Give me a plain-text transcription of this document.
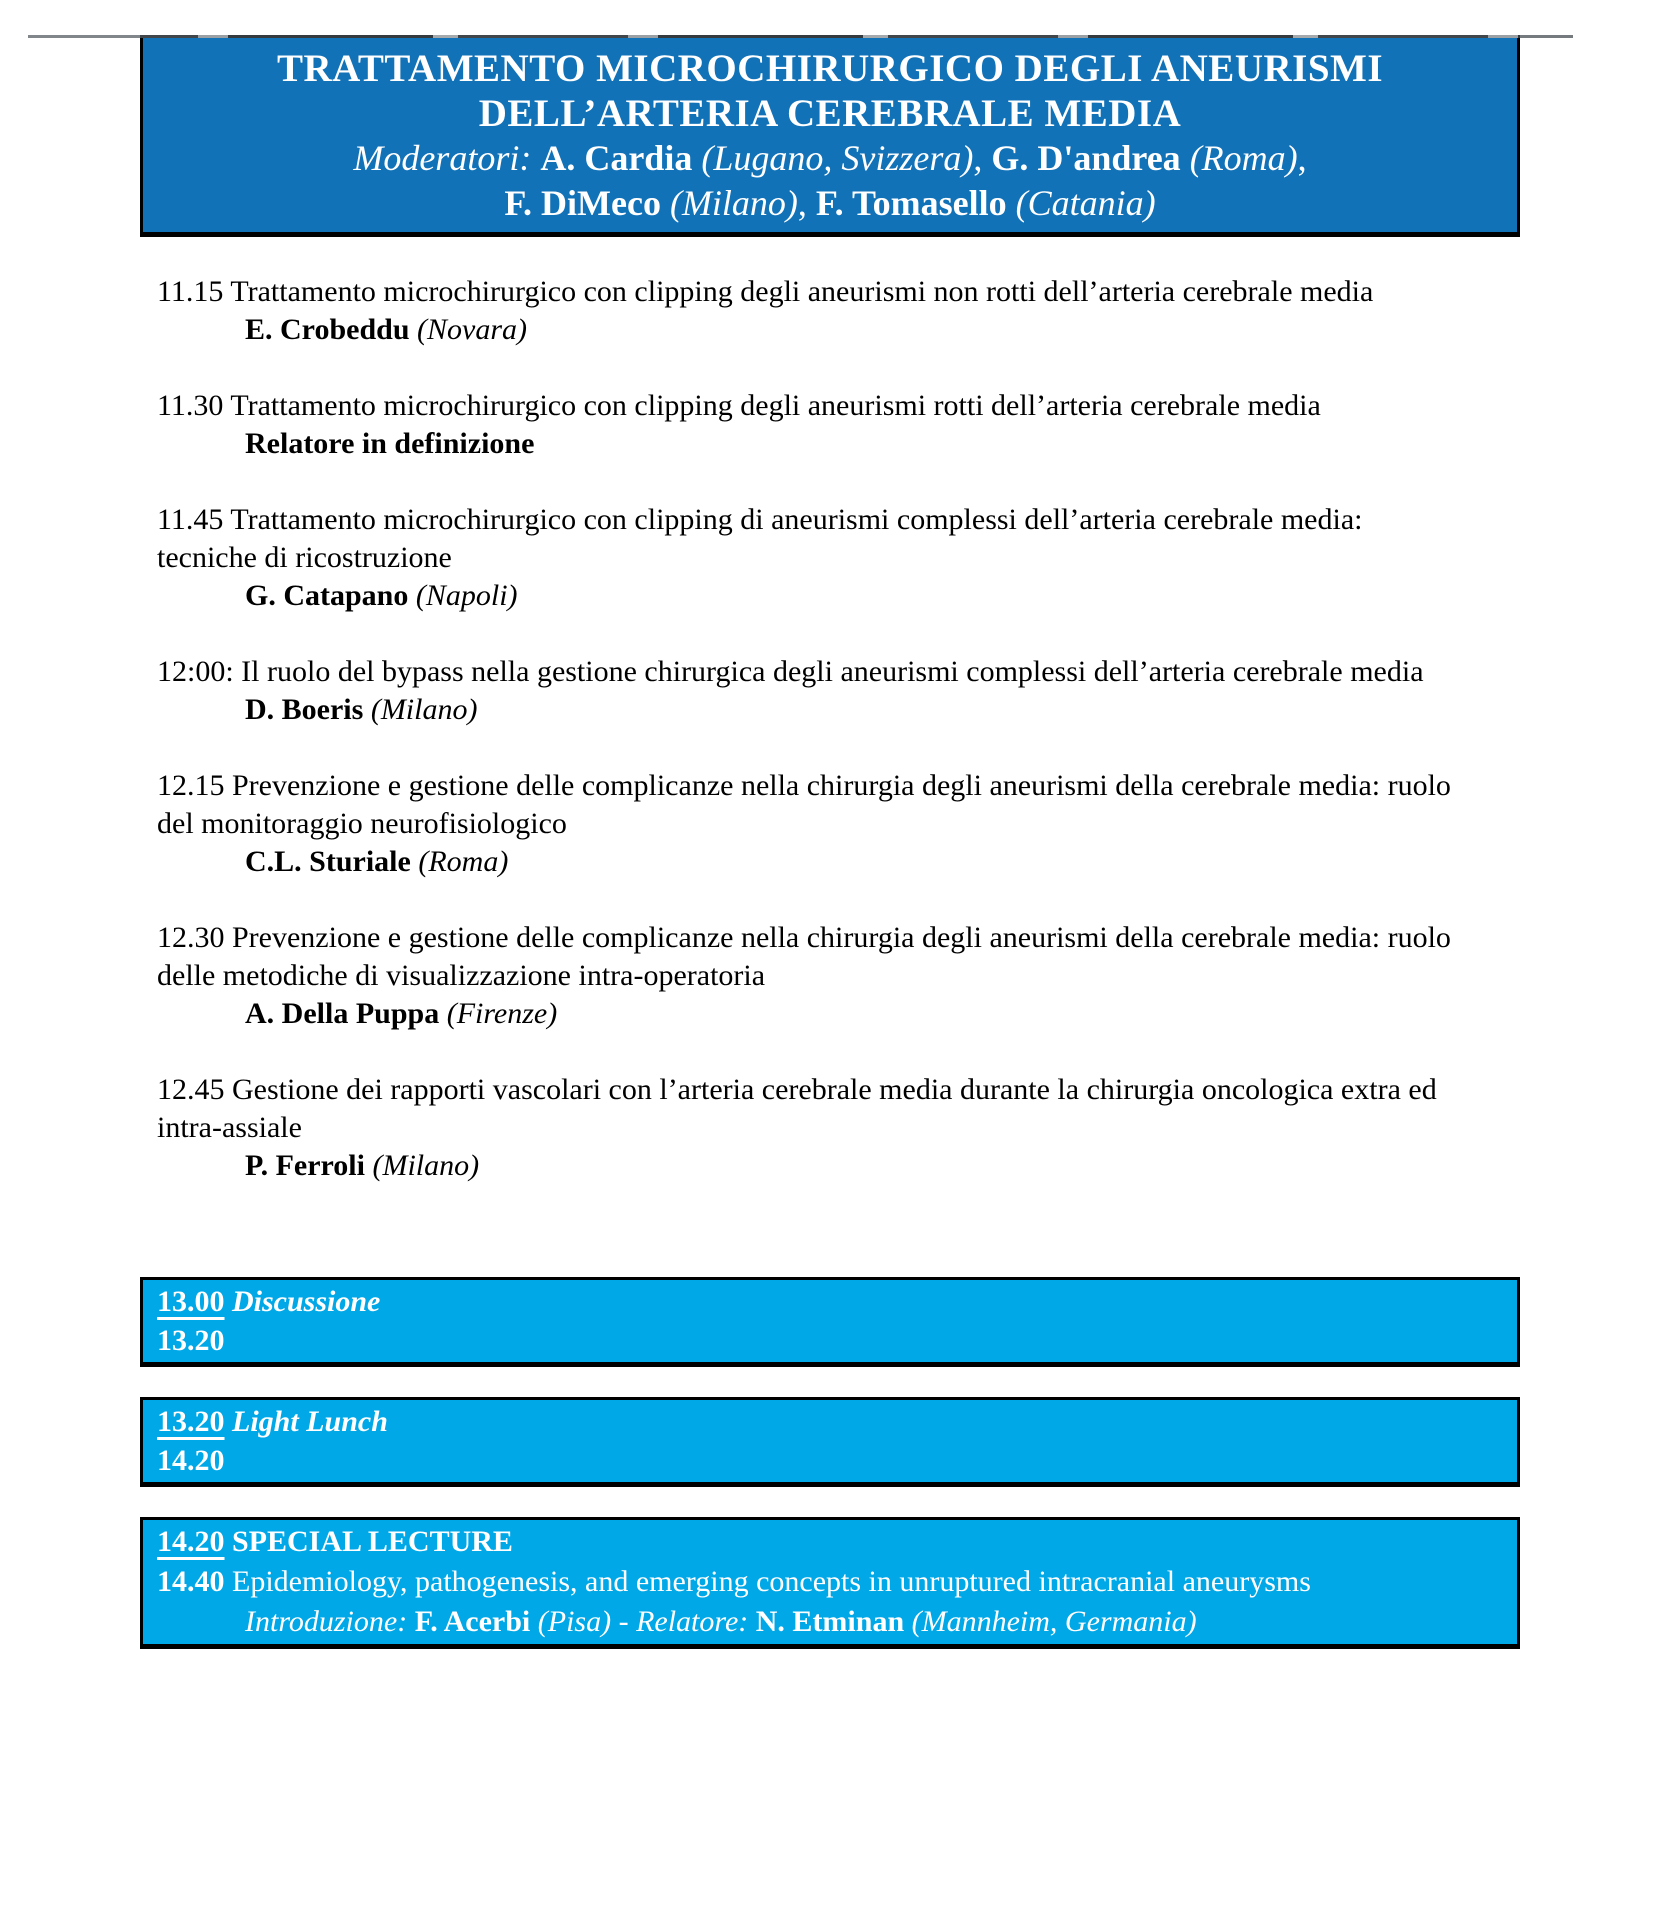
TRATTAMENTO MICROCHIRURGICO DEGLI ANEURISMI
DELL’ARTERIA CEREBRALE MEDIA
Moderatori: A. Cardia (Lugano, Svizzera), G. D'andrea (Roma),
F. DiMeco (Milano), F. Tomasello (Catania)

11.15 Trattamento microchirurgico con clipping degli aneurismi non rotti dell’arteria cerebrale media

E. Crobeddu (Novara)

11.30 Trattamento microchirurgico con clipping degli aneurismi rotti dell’arteria cerebrale media

Relatore in definizione

11.45 Trattamento microchirurgico con clipping di aneurismi complessi dell’arteria cerebrale media: tecniche di ricostruzione

G. Catapano (Napoli)

12:00: Il ruolo del bypass nella gestione chirurgica degli aneurismi complessi dell’arteria cerebrale media

D. Boeris (Milano)

12.15 Prevenzione e gestione delle complicanze nella chirurgia degli aneurismi della cerebrale media: ruolo del monitoraggio neurofisiologico

C.L. Sturiale (Roma)

12.30 Prevenzione e gestione delle complicanze nella chirurgia degli aneurismi della cerebrale media: ruolo delle metodiche di visualizzazione intra-operatoria

A. Della Puppa (Firenze)

12.45 Gestione dei rapporti vascolari con l’arteria cerebrale media durante la chirurgia oncologica extra ed intra-assiale

P. Ferroli (Milano)

13.00 Discussione

13.20

13.20 Light Lunch

14.20

14.20 SPECIAL LECTURE

14.40 Epidemiology, pathogenesis, and emerging concepts in unruptured intracranial aneurysms

Introduzione: F. Acerbi (Pisa) - Relatore: N. Etminan (Mannheim, Germania)
